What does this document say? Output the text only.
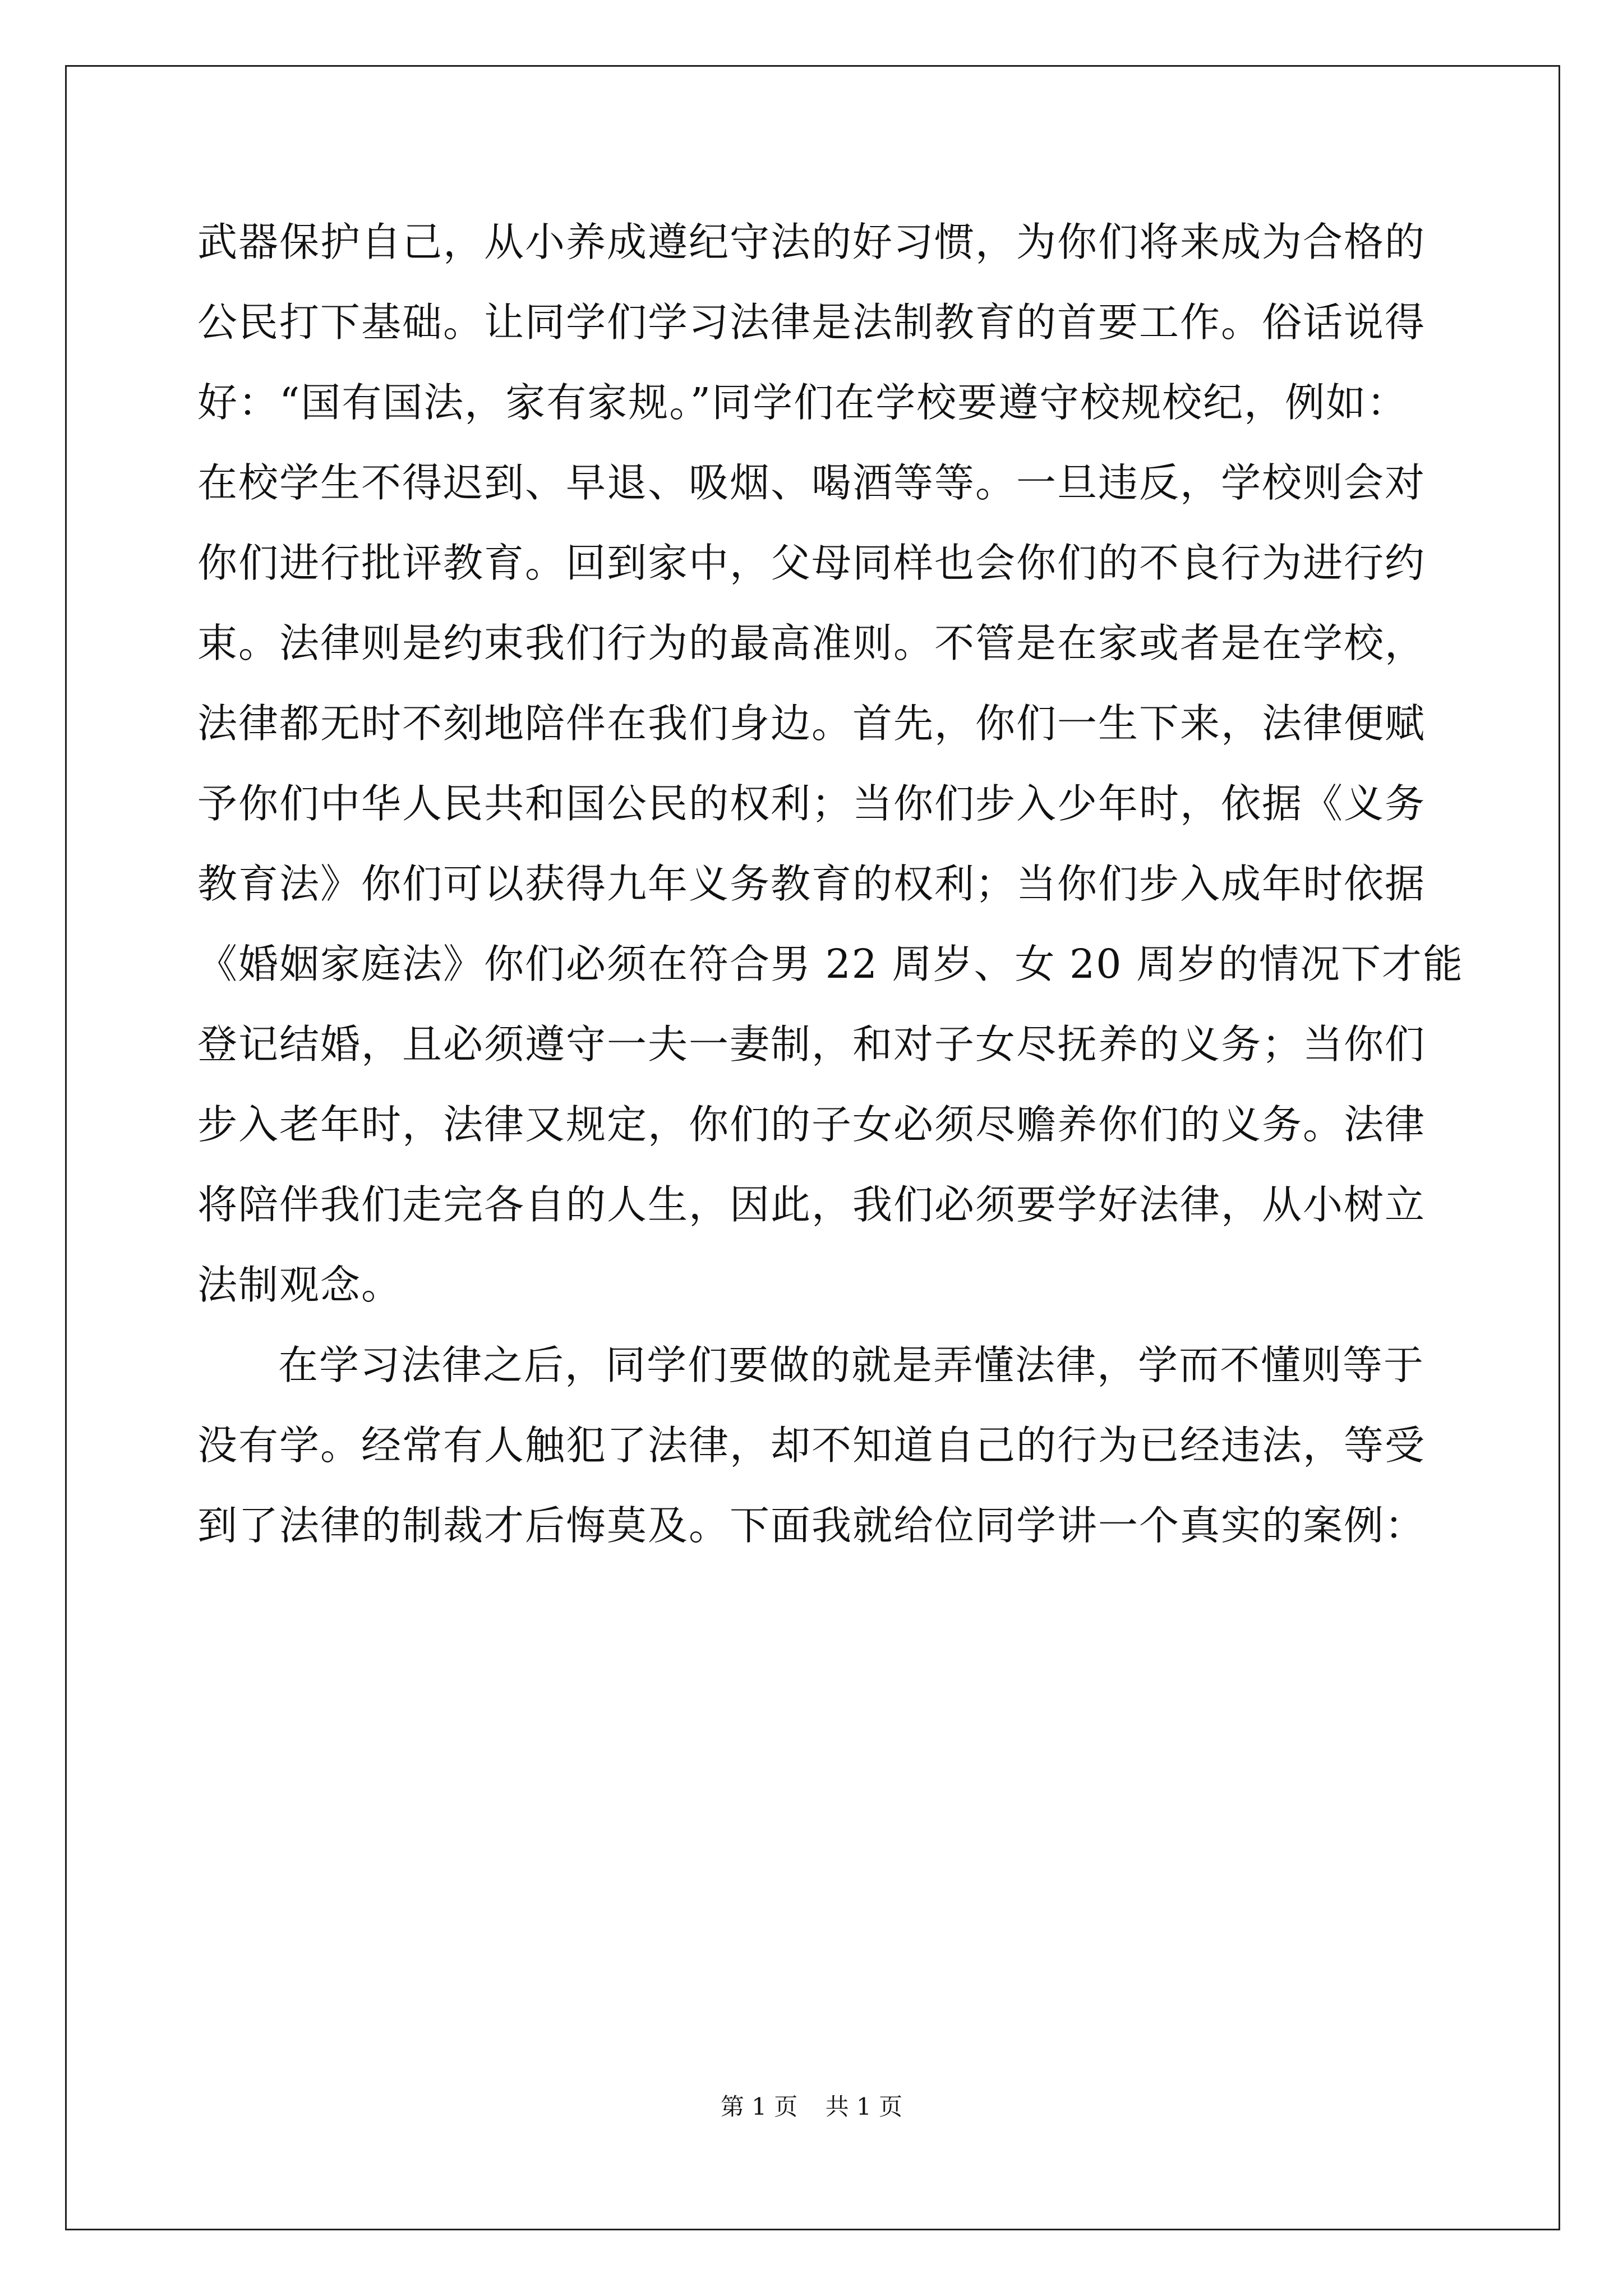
武器保护自己，从小养成遵纪守法的好习惯，为你们将来成为合格的
公民打下基础。让同学们学习法律是法制教育的首要工作。俗话说得
好：“国有国法，家有家规。”同学们在学校要遵守校规校纪，例如：
在校学生不得迟到、早退、吸烟、喝酒等等。一旦违反，学校则会对
你们进行批评教育。回到家中，父母同样也会你们的不良行为进行约
束。法律则是约束我们行为的最高准则。不管是在家或者是在学校，
法律都无时不刻地陪伴在我们身边。首先，你们一生下来，法律便赋
予你们中华人民共和国公民的权利；当你们步入少年时，依据《义务
教育法》你们可以获得九年义务教育的权利；当你们步入成年时依据
《婚姻家庭法》你们必须在符合男 22 周岁、女 20 周岁的情况下才能
登记结婚，且必须遵守一夫一妻制，和对子女尽抚养的义务；当你们
步入老年时，法律又规定，你们的子女必须尽赡养你们的义务。法律
将陪伴我们走完各自的人生，因此，我们必须要学好法律，从小树立
法制观念。
在学习法律之后，同学们要做的就是弄懂法律，学而不懂则等于
没有学。经常有人触犯了法律，却不知道自己的行为已经违法，等受
到了法律的制裁才后悔莫及。下面我就给位同学讲一个真实的案例：
第 1 页 共 1 页
